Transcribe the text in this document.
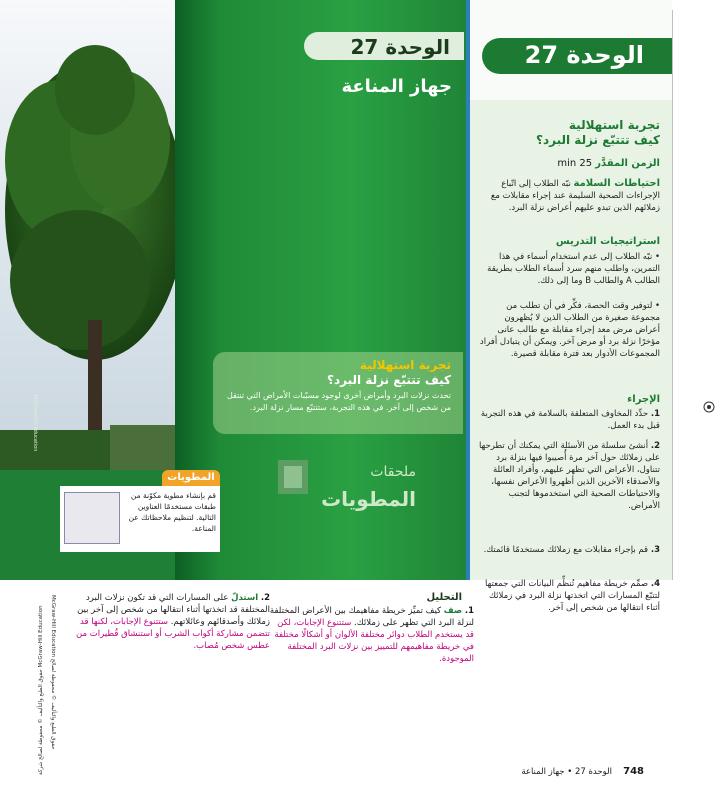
الوحدة 27
جهاز المناعة
تجربة استهلالية
كيف تتتبّع نزلة البرد؟
تحدث نزلات البرد وأمراض أخرى لوجود مسبّبات الأمراض التي تنتقل من شخص إلى آخر. في هذه التجربة، ستتتبّع مسار نزلة البرد.
ملحقات
المطويات
المطويات
قم بإنشاء مطوية مكوّنة من طبقات مستخدمًا العناوين التالية. لتنظيم ملاحظاتك عن المناعة.
McGraw-Hill Education
الوحدة 27
تجربة استهلالية
كيف تتتبّع نزلة البرد؟
الزمن المقدَّر 25 min
احتياطات السلامة نبّه الطلاب إلى اتّباع الإجراءات الصحية السليمة عند إجراء مقابلات مع زملائهم الذين تبدو عليهم أعراض نزلة البرد.
استراتيجيات التدريس
• نبّه الطلاب إلى عدم استخدام أسماء في هذا التمرين، واطلب منهم سرد أسماء الطلاب بطريقة الطالب A والطالب B وما إلى ذلك.
• لتوفير وقت الحصة، فكِّر في أن تطلب من مجموعة صغيرة من الطلاب الذين لا يُظهرون أعراض مرض معد إجراء مقابلة مع طالب عانى مؤخرًا نزلة برد أو مرض آخر. ويمكن أن يتبادل أفراد المجموعات الأدوار بعد فترة مقابلة قصيرة.
الإجراء
1. حدِّد المخاوف المتعلقة بالسلامة في هذه التجربة قبل بدء العمل.
2. أنشئ سلسلة من الأسئلة التي يمكنك أن تطرحها على زملائك حول آخر مرة أُصيبوا فيها بنزلة برد تتناول، الأعراض التي تظهر عليهم، وأفراد العائلة والأصدقاء الآخرين الذين أظهروا الأعراض نفسها، والاحتياطات الصحية التي استخدموها لتجنب الأمراض.
3. قم بإجراء مقابلات مع زملائك مستخدمًا قائمتك.
4. صمِّم خريطة مفاهيم تُنظِّم البيانات التي جمعتها لتتبّع المسارات التي اتخذتها نزلة البرد في زملائك أثناء انتقالها من شخص إلى آخر.
التحليل
1. صف كيف تميِّز خريطة مفاهيمك بين الأعراض المختلفة لنزلة البرد التي تظهر على زملائك. ستتنوع الإجابات، لكن قد يستخدم الطلاب دوائر مختلفة الألوان أو أشكالًا مختلفة في خريطة مفاهيمهم للتمييز بين نزلات البرد المختلفة الموجودة.
2. استدلّ على المسارات التي قد تكون نزلات البرد المختلفة قد اتخذتها أثناء انتقالها من شخص إلى آخر بين زملائك وأصدقائهم وعائلاتهم. ستتنوع الإجابات، لكنها قد تتضمن مشاركة أكواب الشرب أو استنشاق قُطيرات من عطس شخص مُصاب.
حقوق الطبع والتأليف © محفوظة لصالح شركة McGraw-Hill Education McGraw-Hill Education حقوق الطبع والتأليف © محفوظة لصالح
748
الوحدة 27 • جهاز المناعة
